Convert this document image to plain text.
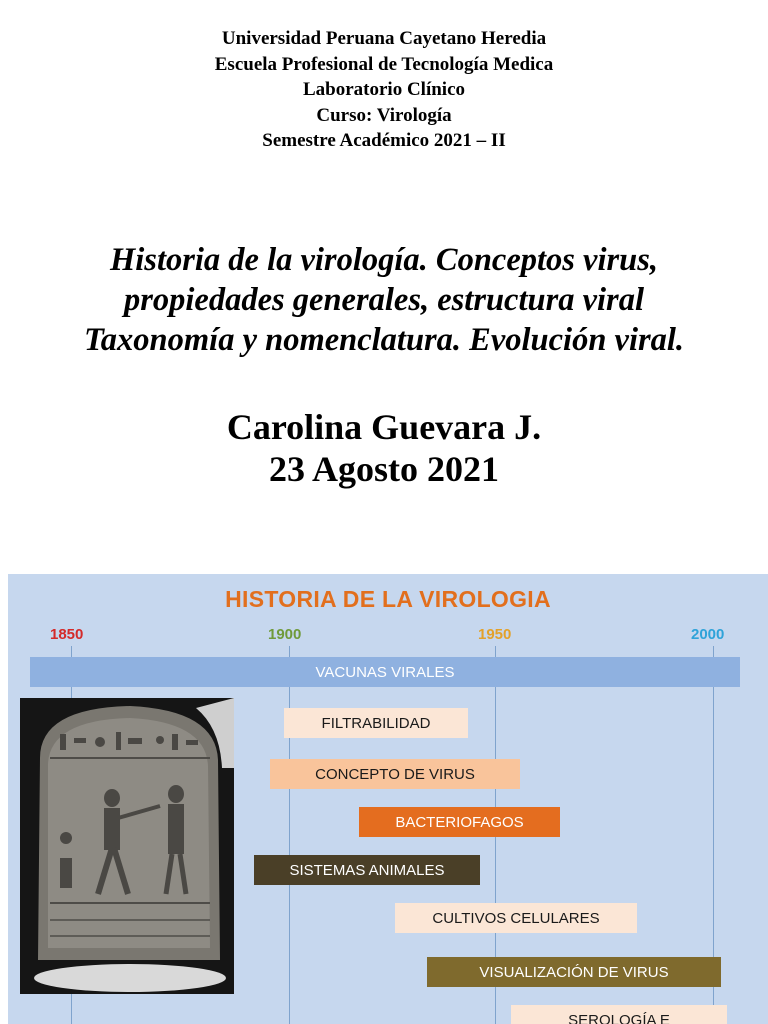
Universidad Peruana Cayetano Heredia
Escuela Profesional de Tecnología Medica
Laboratorio Clínico
Curso: Virología
Semestre Académico 2021 – II
Historia de la virología. Conceptos virus,
propiedades generales, estructura viral
Taxonomía y nomenclatura. Evolución viral.
Carolina Guevara J.
23 Agosto 2021
HISTORIA DE LA VIROLOGIA
1850	1900	1950	2000
VACUNAS VIRALES
FILTRABILIDAD
CONCEPTO DE VIRUS
BACTERIOFAGOS
SISTEMAS ANIMALES
CULTIVOS CELULARES
VISUALIZACIÓN DE VIRUS
SEROLOGÍA E
